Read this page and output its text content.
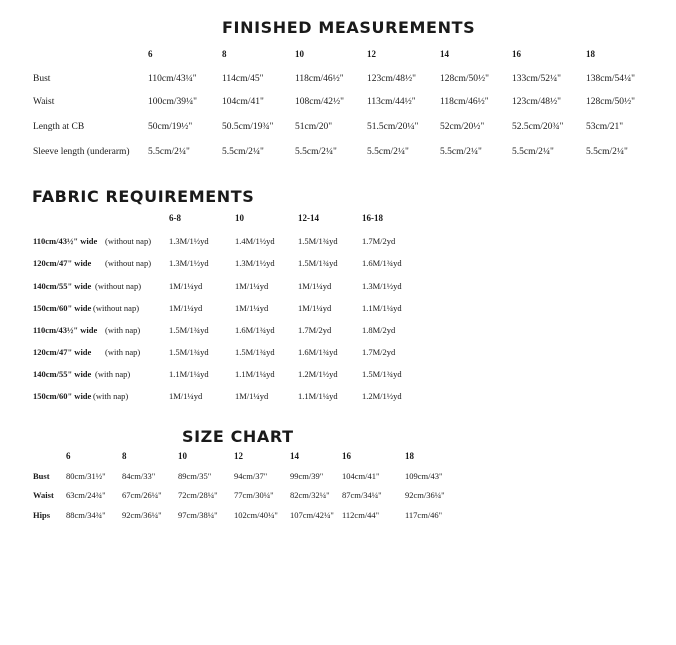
FINISHED MEASUREMENTS
6	8	10	12	14	16	18
Bust	110cm/43¼"	114cm/45"	118cm/46½" 123cm/48½"	128cm/50½" 133cm/52¼"	138cm/54¼"
Waist	100cm/39¼"	104cm/41"	108cm/42½" 113cm/44½"	118cm/46½" 123cm/48½"	128cm/50½"
Length at CB	50cm/19½"	50.5cm/19¾" 51cm/20"	51.5cm/20¼" 52cm/20½"	52.5cm/20¾" 53cm/21"
Sleeve length (underarm) 5.5cm/2¼"	5.5cm/2¼"	5.5cm/2¼"	5.5cm/2¼"	5.5cm/2¼"	5.5cm/2¼"	5.5cm/2¼"
FABRIC REQUIREMENTS
6-8	10	12-14	16-18
110cm/43½" wide (without nap) 1.3M/1½yd	1.4M/1½yd	1.5M/1¾yd	1.7M/2yd
120cm/47" wide (without nap) 1.3M/1½yd	1.3M/1½yd	1.5M/1¾yd	1.6M/1¾yd
140cm/55" wide (without nap)	1M/1¼yd	1M/1¼yd	1M/1¼yd	1.3M/1½yd
150cm/60" wide (without nap)	1M/1¼yd	1M/1¼yd	1M/1¼yd	1.1M/1¼yd
110cm/43½" wide (with nap)	1.5M/1¾yd	1.6M/1¾yd	1.7M/2yd	1.8M/2yd
120cm/47" wide (with nap)	1.5M/1¾yd	1.5M/1¾yd	1.6M/1¾yd	1.7M/2yd
140cm/55" wide (with nap)	1.1M/1¼yd	1.1M/1¼yd	1.2M/1½yd	1.5M/1¾yd
150cm/60" wide (with nap)	1M/1¼yd	1M/1¼yd	1.1M/1¼yd	1.2M/1½yd
SIZE CHART
6	8	10	12	14	16	18
Bust 80cm/31½" 84cm/33"	89cm/35"	94cm/37"	99cm/39" 104cm/41"	109cm/43"
Waist 63cm/24¾" 67cm/26¼" 72cm/28¼" 77cm/30¼" 82cm/32¼" 87cm/34¼"	92cm/36¼"
Hips 88cm/34¾" 92cm/36¼" 97cm/38¼" 102cm/40¼" 107cm/42¼" 112cm/44"	117cm/46"
